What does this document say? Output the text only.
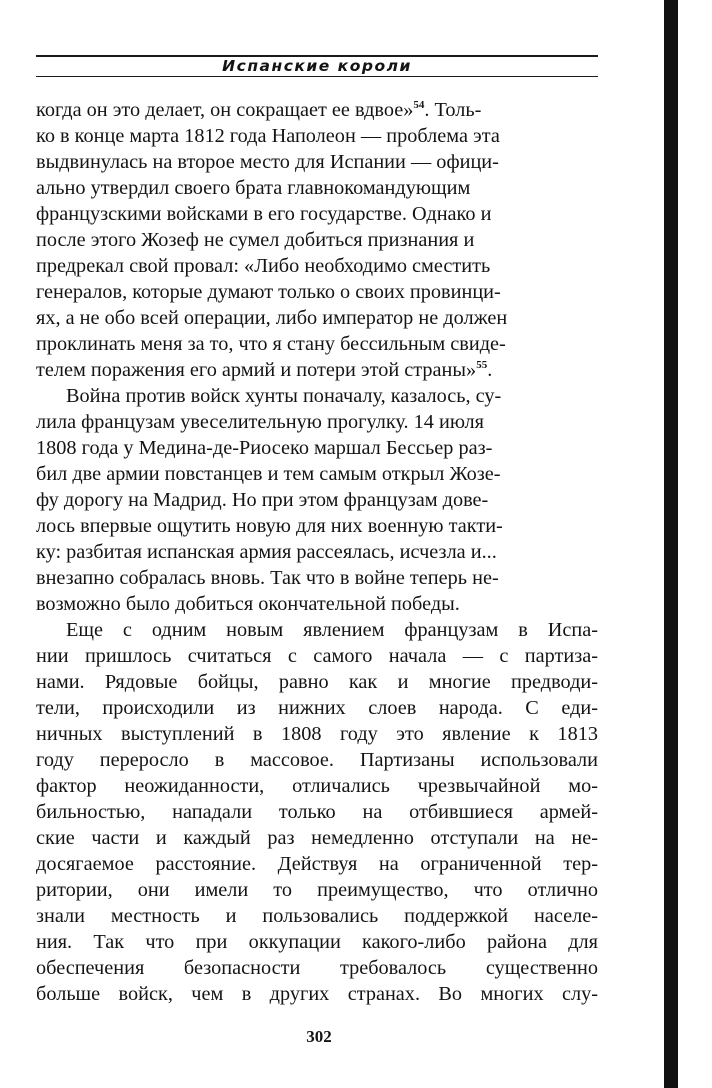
Испанские короли

когда он это делает, он сокращает ее вдвое»$^{54}$. Толь-
ко в конце марта 1812 года Наполеон — проблема эта
выдвинулась на второе место для Испании — офици-
ально утвердил своего брата главнокомандующим
французскими войсками в его государстве. Однако и
после этого Жозеф не сумел добиться признания и
предрекал свой провал: «Либо необходимо сместить
генералов, которые думают только о своих провинци-
ях, а не обо всей операции, либо император не должен
проклинать меня за то, что я стану бессильным свиде-
телем поражения его армий и потери этой страны»$^{55}$.

Война против войск хунты поначалу, казалось, су-
лила французам увеселительную прогулку. 14 июля
1808 года у Медина-де-Риосеко маршал Бессьер раз-
бил две армии повстанцев и тем самым открыл Жозе-
фу дорогу на Мадрид. Но при этом французам дове-
лось впервые ощутить новую для них военную такти-
ку: разбитая испанская армия рассеялась, исчезла и...
внезапно собралась вновь. Так что в войне теперь не-
возможно было добиться окончательной победы.

Еще с одним новым явлением французам в Испа-
нии пришлось считаться с самого начала — с партиза-
нами. Рядовые бойцы, равно как и многие предводи-
тели, происходили из нижних слоев народа. С еди-
ничных выступлений в 1808 году это явление к 1813
году переросло в массовое. Партизаны использовали
фактор неожиданности, отличались чрезвычайной мо-
бильностью, нападали только на отбившиеся армей-
ские части и каждый раз немедленно отступали на не-
досягаемое расстояние. Действуя на ограниченной тер-
ритории, они имели то преимущество, что отлично
знали местность и пользовались поддержкой населе-
ния. Так что при оккупации какого-либо района для
обеспечения безопасности требовалось существенно
больше войск, чем в других странах. Во многих слу-

302
